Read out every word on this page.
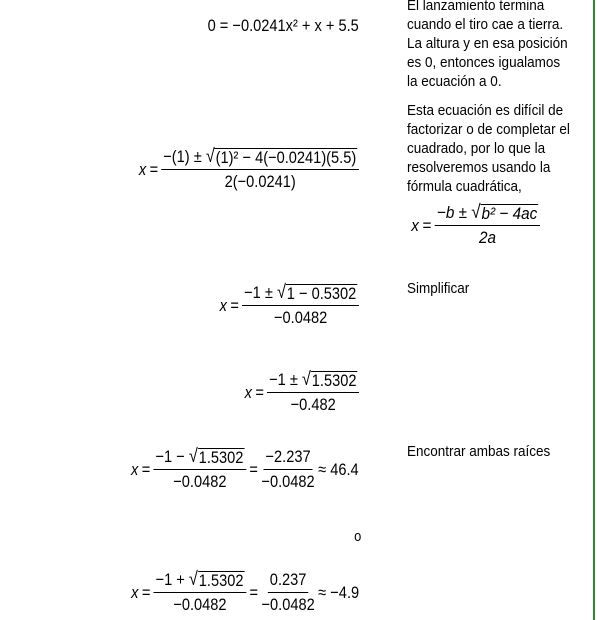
0 = −0.0241x² + x + 5.5

El lanzamiento termina cuando el tiro cae a tierra. La altura y en esa posición es 0, entonces igualamos la ecuación a 0.

Esta ecuación es difícil de factorizar o de completar el cuadrado, por lo que la resolveremos usando la fórmula cuadrática,

$x = \frac{\text{−b ± √ b² − 4ac}}{2a}$
$x = \frac{\text{−(1) ± √ (1)² − 4(−0.0241)(5.5)}}{2(-0.0241)}$

Simplificar

$x = \frac{-1 \pm √ 1 - 0.5302}{-0.0482}$
$x = \frac{-1 \pm √ 1.5302}{-0.482}$

Encontrar ambas raíces

$x = \frac{-1 - √ 1.5302}{-0.0482} = \frac{-2.237}{-0.0482} \approx 46.4$
o
$x = \frac{-1 + √ 1.5302}{-0.0482} = \frac{0.237}{-0.0482} \approx -4.9$
